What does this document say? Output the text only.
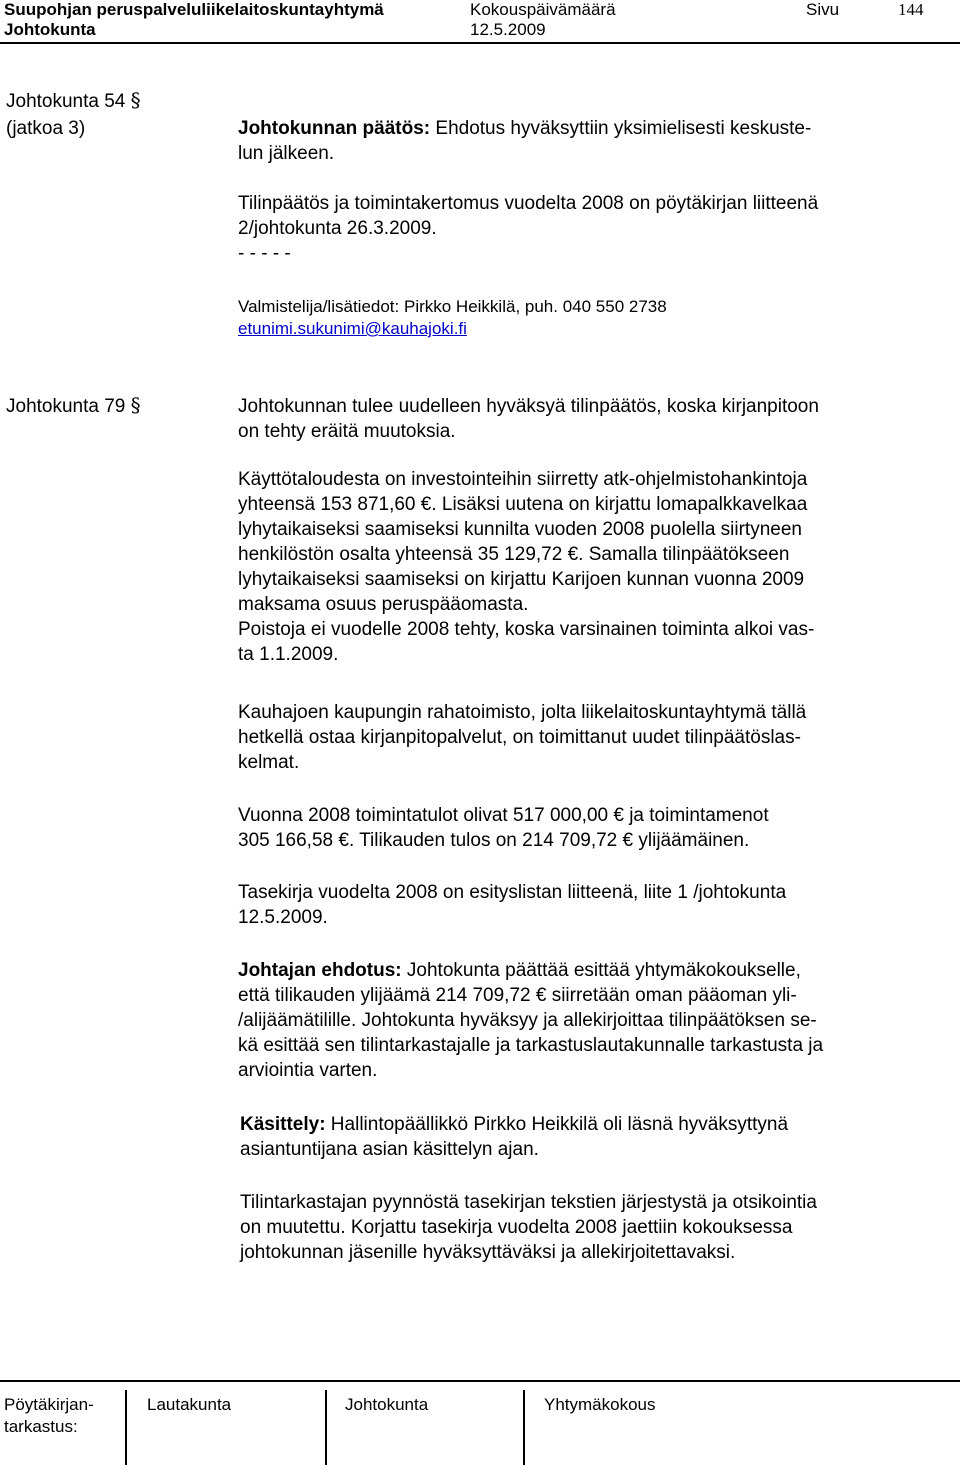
Suupohjan peruspalveluliikelaitoskuntayhtymä
Johtokunta
Kokouspäivämäärä
12.5.2009
Sivu	144
Johtokunta 54 §
(jatkoa 3)	Johtokunnan päätös: Ehdotus hyväksyttiin yksimielisesti keskuste-
lun jälkeen.
Tilinpäätös ja toimintakertomus vuodelta 2008 on pöytäkirjan liitteenä
2/johtokunta 26.3.2009.
- - - - -
Valmistelija/lisätiedot: Pirkko Heikkilä, puh. 040 550 2738
etunimi.sukunimi@kauhajoki.fi
Johtokunta 79 §	Johtokunnan tulee uudelleen hyväksyä tilinpäätös, koska kirjanpitoon
on tehty eräitä muutoksia.
Käyttötaloudesta on investointeihin siirretty atk-ohjelmistohankintoja
yhteensä 153 871,60 €. Lisäksi uutena on kirjattu lomapalkkavelkaa
lyhytaikaiseksi saamiseksi kunnilta vuoden 2008 puolella siirtyneen
henkilöstön osalta yhteensä 35 129,72 €. Samalla tilinpäätökseen
lyhytaikaiseksi saamiseksi on kirjattu Karijoen kunnan vuonna 2009
maksama osuus peruspääomasta.
Poistoja ei vuodelle 2008 tehty, koska varsinainen toiminta alkoi vas-
ta 1.1.2009.
Kauhajoen kaupungin rahatoimisto, jolta liikelaitoskuntayhtymä tällä
hetkellä ostaa kirjanpitopalvelut, on toimittanut uudet tilinpäätöslas-
kelmat.
Vuonna 2008 toimintatulot olivat 517 000,00 € ja toimintamenot
305 166,58 €. Tilikauden tulos on 214 709,72 € ylijäämäinen.
Tasekirja vuodelta 2008 on esityslistan liitteenä, liite 1 /johtokunta
12.5.2009.
Johtajan ehdotus: Johtokunta päättää esittää yhtymäkokoukselle,
että tilikauden ylijäämä 214 709,72 € siirretään oman pääoman yli-
/alijäämätilille. Johtokunta hyväksyy ja allekirjoittaa tilinpäätöksen se-
kä esittää sen tilintarkastajalle ja tarkastuslautakunnalle tarkastusta ja
arviointia varten.
Käsittely: Hallintopäällikkö Pirkko Heikkilä oli läsnä hyväksyttynä
asiantuntijana asian käsittelyn ajan.
Tilintarkastajan pyynnöstä tasekirjan tekstien järjestystä ja otsikointia
on muutettu. Korjattu tasekirja vuodelta 2008 jaettiin kokouksessa
johtokunnan jäsenille hyväksyttäväksi ja allekirjoitettavaksi.
Pöytäkirjan-
tarkastus:
Lautakunta	Johtokunta	Yhtymäkokous
